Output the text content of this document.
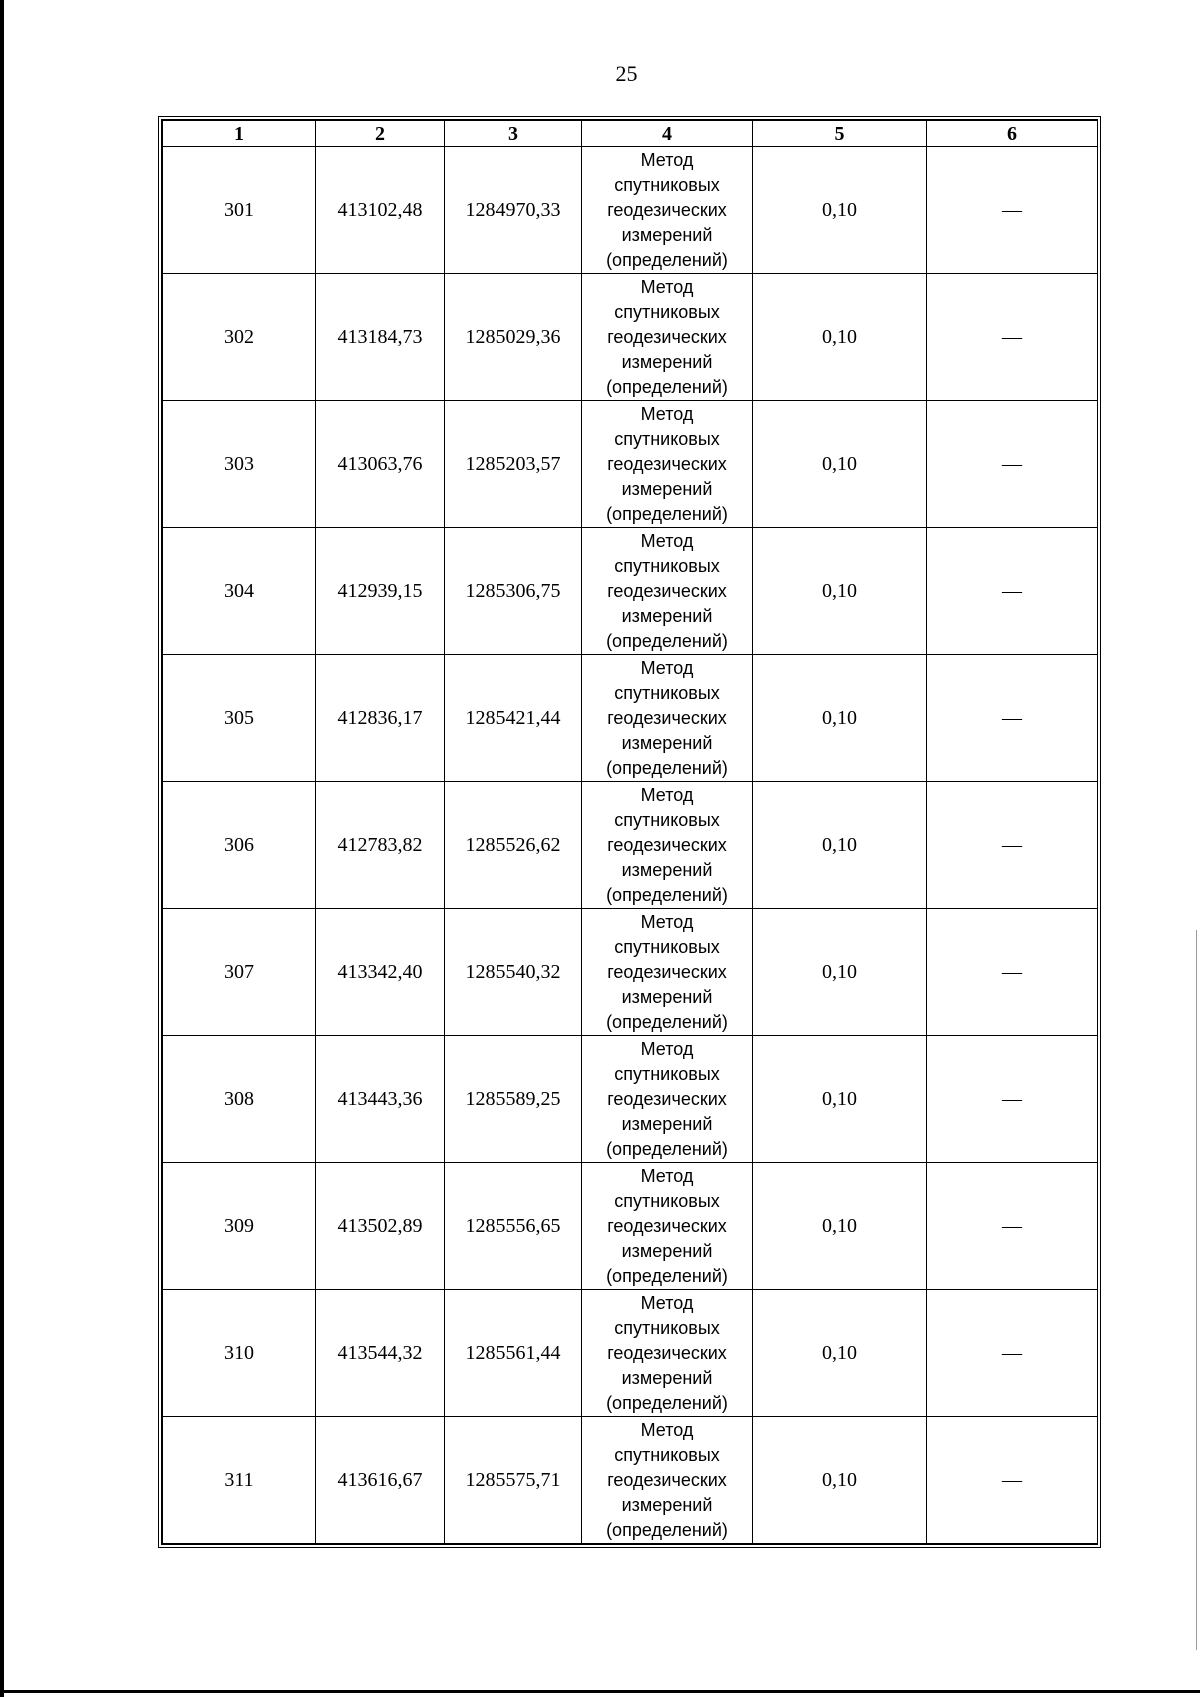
25
1	2	3	4	5	6
301	413102,48	1284970,33	Метод
спутниковых
геодезических
измерений
(определений)	0,10	—
302	413184,73	1285029,36	Метод
спутниковых
геодезических
измерений
(определений)	0,10	—
303	413063,76	1285203,57	Метод
спутниковых
геодезических
измерений
(определений)	0,10	—
304	412939,15	1285306,75	Метод
спутниковых
геодезических
измерений
(определений)	0,10	—
305	412836,17	1285421,44	Метод
спутниковых
геодезических
измерений
(определений)	0,10	—
306	412783,82	1285526,62	Метод
спутниковых
геодезических
измерений
(определений)	0,10	—
307	413342,40	1285540,32	Метод
спутниковых
геодезических
измерений
(определений)	0,10	—
308	413443,36	1285589,25	Метод
спутниковых
геодезических
измерений
(определений)	0,10	—
309	413502,89	1285556,65	Метод
спутниковых
геодезических
измерений
(определений)	0,10	—
310	413544,32	1285561,44	Метод
спутниковых
геодезических
измерений
(определений)	0,10	—
311	413616,67	1285575,71	Метод
спутниковых
геодезических
измерений
(определений)	0,10	—
